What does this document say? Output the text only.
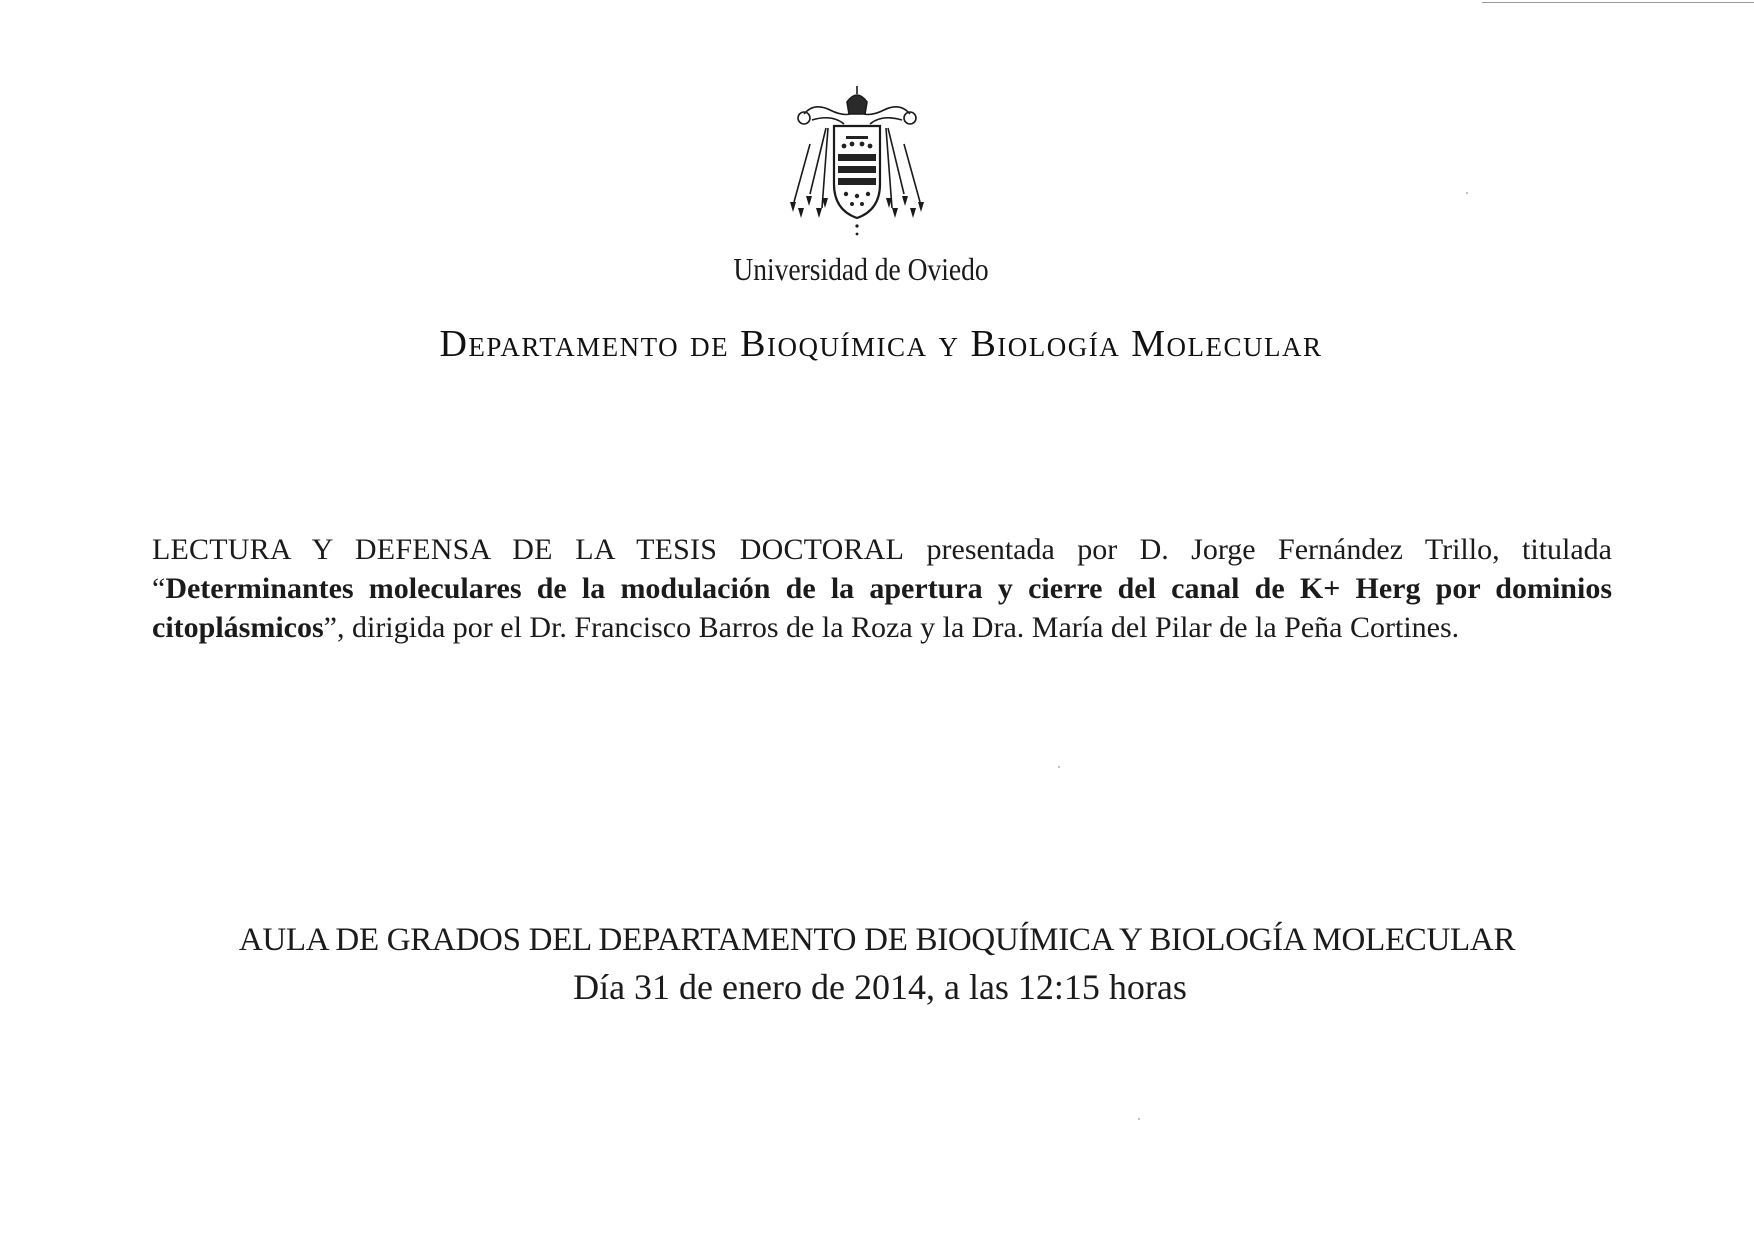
Universidad de Oviedo
Departamento de Bioquímica y Biología Molecular
LECTURA Y DEFENSA DE LA TESIS DOCTORAL presentada por D. Jorge Fernández Trillo, titulada “Determinantes moleculares de la modulación de la apertura y cierre del canal de K+ Herg por dominios citoplásmicos”, dirigida por el Dr. Francisco Barros de la Roza y la Dra. María del Pilar de la Peña Cortines.
AULA DE GRADOS DEL DEPARTAMENTO DE BIOQUÍMICA Y BIOLOGÍA MOLECULAR
Día 31 de enero de 2014, a las 12:15 horas
